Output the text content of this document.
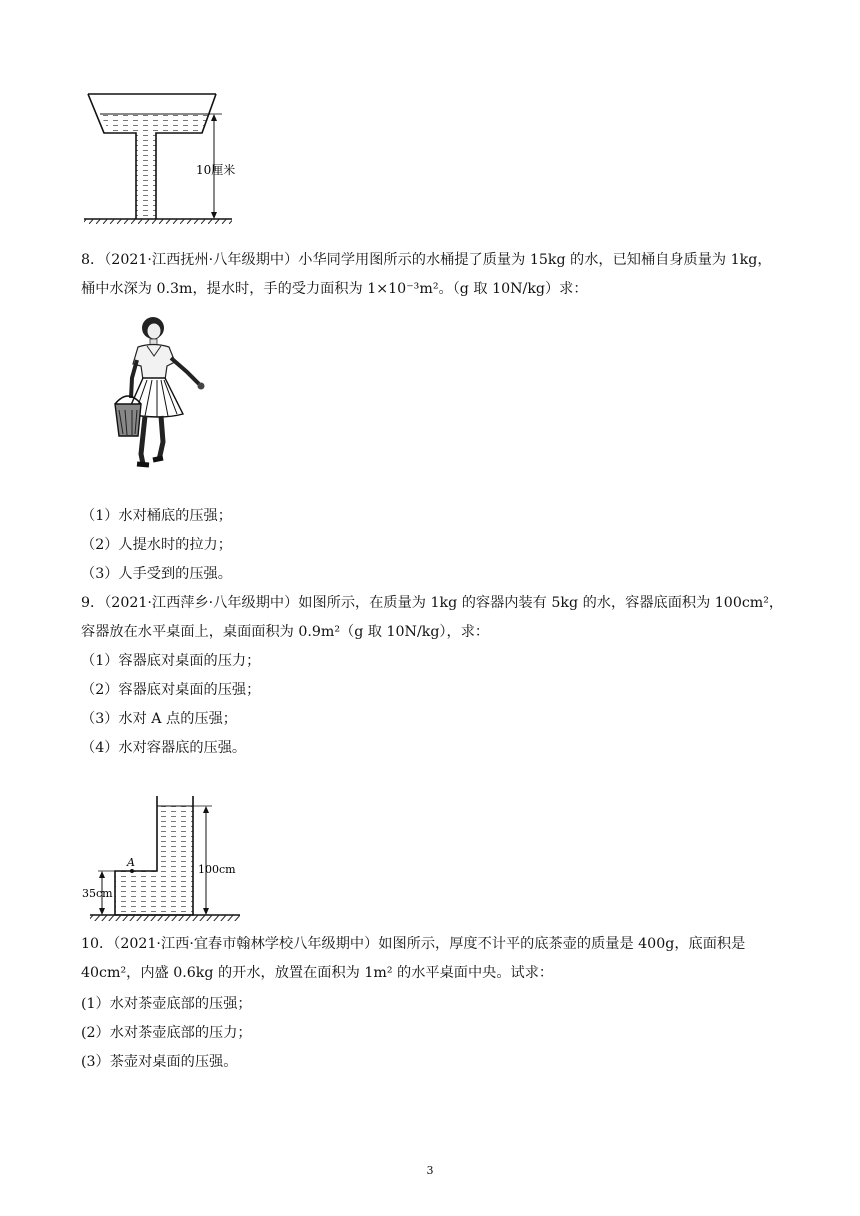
10厘米
8．（2021·江西抚州·八年级期中）小华同学用图所示的水桶提了质量为 15kg 的水，已知桶自身质量为 1kg，
桶中水深为 0.3m，提水时，手的受力面积为 1×10⁻³m²。（g 取 10N/kg）求：
（1）水对桶底的压强；
（2）人提水时的拉力；
（3）人手受到的压强。
9．（2021·江西萍乡·八年级期中）如图所示，在质量为 1kg 的容器内装有 5kg 的水，容器底面积为 100cm²，
容器放在水平桌面上，桌面面积为 0.9m²（g 取 10N/kg），求：
（1）容器底对桌面的压力；
（2）容器底对桌面的压强；
（3）水对 A 点的压强；
（4）水对容器底的压强。
A
100cm
35cm
10．（2021·江西·宜春市翰林学校八年级期中）如图所示，厚度不计平的底茶壶的质量是 400g，底面积是
40cm²，内盛 0.6kg 的开水，放置在面积为 1m² 的水平桌面中央。试求：
(1）水对茶壶底部的压强；
(2）水对茶壶底部的压力；
(3）茶壶对桌面的压强。
3
